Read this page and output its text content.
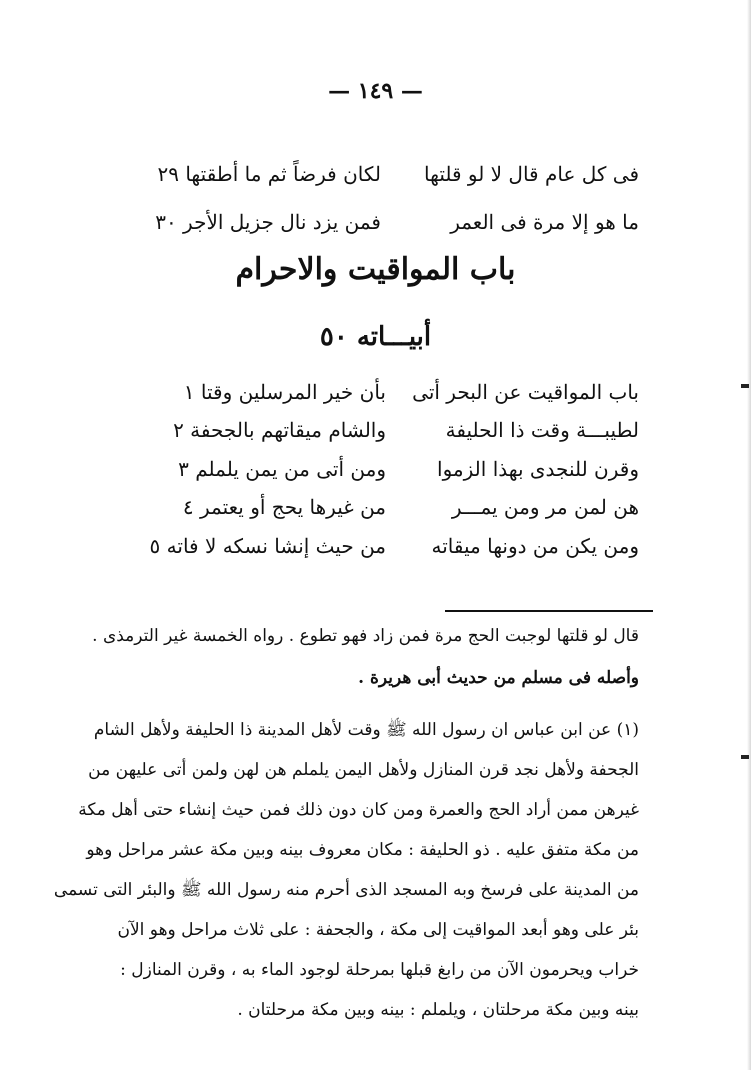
— ١٤٩ —
فى كل عام قال لا لو قلتها
لكان فرضاً ثم ما أطقتها ٢٩
ما هو إلا مرة فى العمر
فمن يزد نال جزيل الأجر ٣٠
باب المواقيت والاحرام
أبيـــاته ٥٠
باب المواقيت عن البحر أتى
بأن خير المرسلين وقتا ١
لطيبـــة وقت ذا الحليفة
والشام ميقاتهم بالجحفة ٢
وقرن للنجدى بهذا الزموا
ومن أتى من يمن يلملم ٣
هن لمن مر ومن يمـــر
من غيرها يحج أو يعتمر ٤
ومن يكن من دونها ميقاته
من حيث إنشا نسكه لا فاته ٥
قال لو قلتها لوجبت الحج مرة فمن زاد فهو تطوع . رواه الخمسة غير الترمذى .
وأصله فى مسلم من حديث أبى هريرة .
(١) عن ابن عباس ان رسول الله ﷺ وقت لأهل المدينة ذا الحليفة ولأهل الشام
الجحفة ولأهل نجد قرن المنازل ولأهل اليمن يلملم هن لهن ولمن أتى عليهن من
غيرهن ممن أراد الحج والعمرة ومن كان دون ذلك فمن حيث إنشاء حتى أهل مكة
من مكة متفق عليه . ذو الحليفة : مكان معروف بينه وبين مكة عشر مراحل وهو
من المدينة على فرسخ وبه المسجد الذى أحرم منه رسول الله ﷺ والبئر التى تسمى
بئر على وهو أبعد المواقيت إلى مكة ، والجحفة : على ثلاث مراحل وهو الآن
خراب ويحرمون الآن من رابغ قبلها بمرحلة لوجود الماء به ، وقرن المنازل :
بينه وبين مكة مرحلتان ، ويلملم : بينه وبين مكة مرحلتان .
